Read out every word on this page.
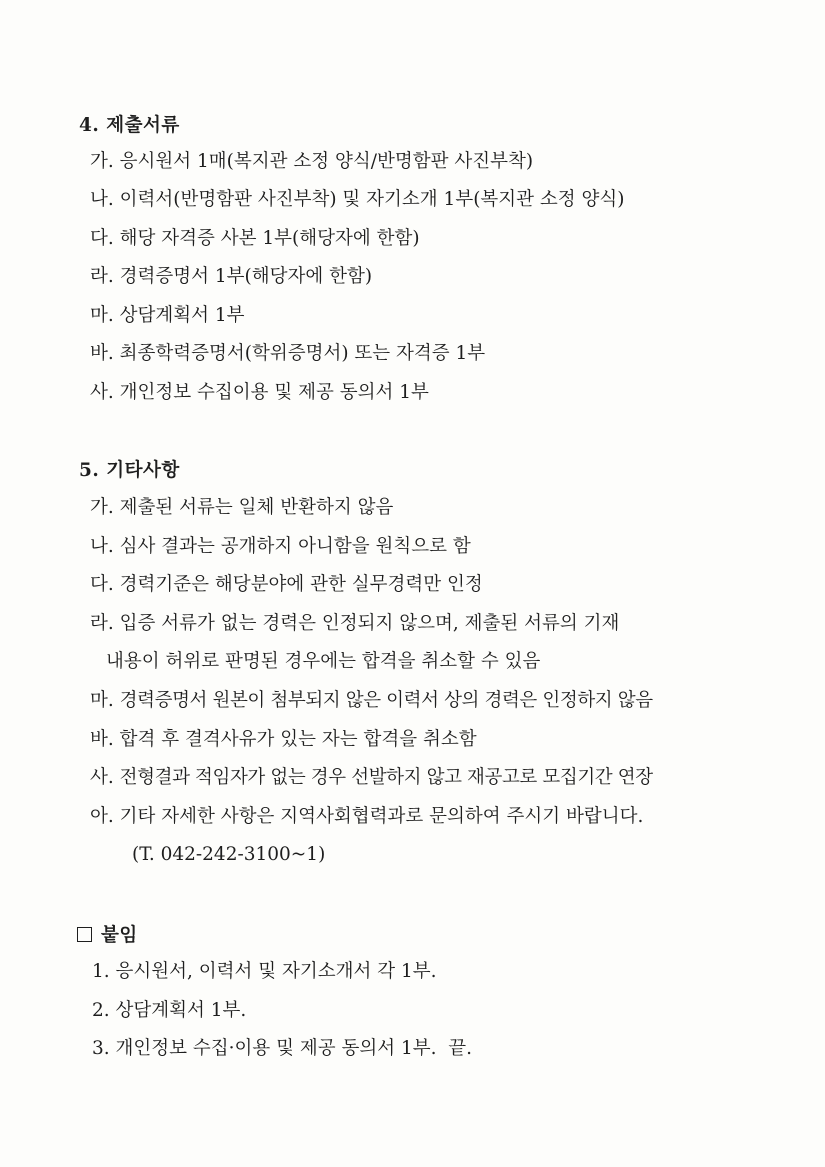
4. 제출서류
가. 응시원서 1매(복지관 소정 양식/반명함판 사진부착)
나. 이력서(반명함판 사진부착) 및 자기소개 1부(복지관 소정 양식)
다. 해당 자격증 사본 1부(해당자에 한함)
라. 경력증명서 1부(해당자에 한함)
마. 상담계획서 1부
바. 최종학력증명서(학위증명서) 또는 자격증 1부
사. 개인정보 수집이용 및 제공 동의서 1부
5. 기타사항
가. 제출된 서류는 일체 반환하지 않음
나. 심사 결과는 공개하지 아니함을 원칙으로 함
다. 경력기준은 해당분야에 관한 실무경력만 인정
라. 입증 서류가 없는 경력은 인정되지 않으며, 제출된 서류의 기재
내용이 허위로 판명된 경우에는 합격을 취소할 수 있음
마. 경력증명서 원본이 첨부되지 않은 이력서 상의 경력은 인정하지 않음
바. 합격 후 결격사유가 있는 자는 합격을 취소함
사. 전형결과 적임자가 없는 경우 선발하지 않고 재공고로 모집기간 연장
아. 기타 자세한 사항은 지역사회협력과로 문의하여 주시기 바랍니다.
(T. 042-242-3100~1)
붙임
1. 응시원서, 이력서 및 자기소개서 각 1부.
2. 상담계획서 1부.
3. 개인정보 수집·이용 및 제공 동의서 1부.  끝.
